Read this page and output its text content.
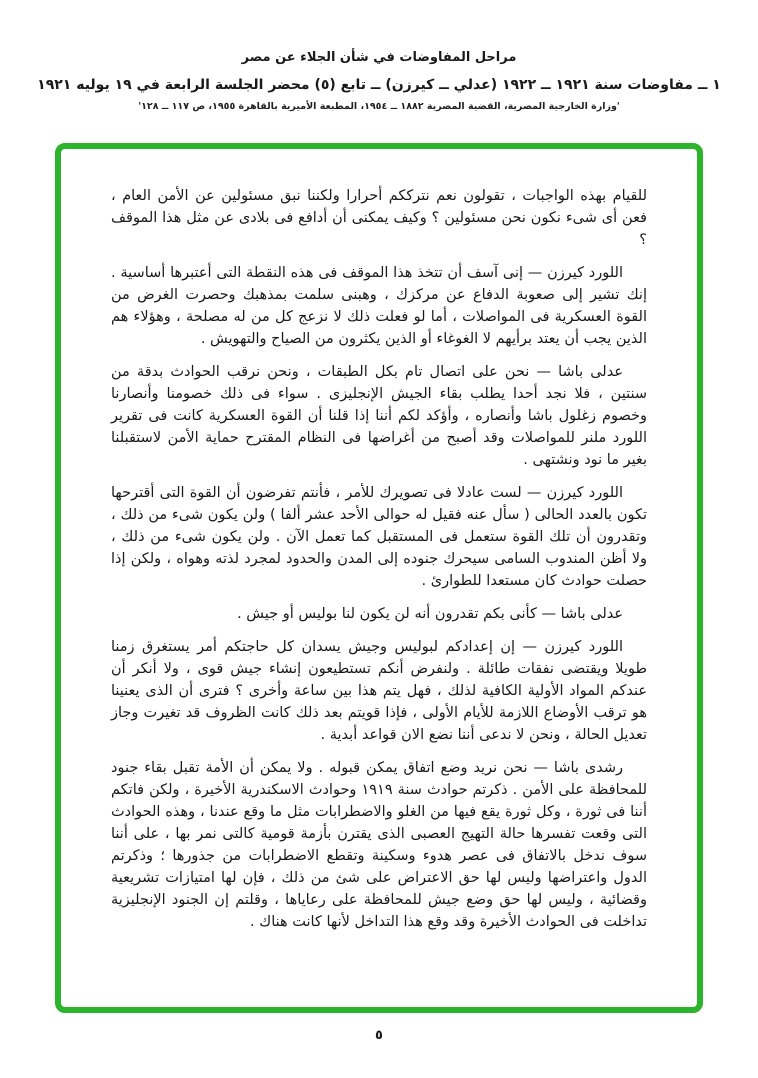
مراحل المفاوضات في شأن الجلاء عن مصر
١ ــ مفاوضات سنة ١٩٢١ ــ ١٩٢٢ (عدلي ــ كيرزن) ــ تابع (٥) محضر الجلسة الرابعة في ١٩ يوليه ١٩٢١
'وزارة الخارجية المصرية، القضية المصرية ١٨٨٢ ــ ١٩٥٤، المطبعة الأميرية بالقاهرة ١٩٥٥، ص ١١٧ ــ ١٢٨'

للقيام بهذه الواجبات ، تقولون نعم نترككم أحرارا ولكننا نبق مسئولين عن الأمن العام ، فعن أى شىء نكون نحن مسئولين ؟ وكيف يمكنى أن أدافع فى بلادى عن مثل هذا الموقف ؟

اللورد كيرزن — إنى آسف أن تتخذ هذا الموقف فى هذه النقطة التى أعتبرها أساسية . إنك تشير إلى صعوبة الدفاع عن مركزك ، وهبنى سلمت بمذهبك وحصرت الغرض من القوة العسكرية فى المواصلات ، أما لو فعلت ذلك لا نزعج كل من له مصلحة ، وهؤلاء هم الذين يجب أن يعتد برأيهم لا الغوغاء أو الذين يكثرون من الصياح والتهويش .

عدلى باشا — نحن على اتصال تام بكل الطبقات ، ونحن نرقب الحوادث بدقة من سنتين ، فلا نجد أحدا يطلب بقاء الجيش الإنجليزى . سواء فى ذلك خصومنا وأنصارنا وخصوم زغلول باشا وأنصاره ، وأؤكد لكم أننا إذا قلنا أن القوة العسكرية كانت فى تقرير اللورد ملنر للمواصلات وقد أصبح من أغراضها فى النظام المقترح حماية الأمن لاستقبلنا بغير ما نود ونشتهى .

اللورد كيرزن — لست عادلا فى تصويرك للأمر ، فأنتم تفرضون أن القوة التى أقترحها تكون بالعدد الحالى ( سأل عنه فقيل له حوالى الأحد عشر ألفا ) ولن يكون شىء من ذلك ، وتقدرون أن تلك القوة ستعمل فى المستقبل كما تعمل الآن . ولن يكون شىء من ذلك ، ولا أظن المندوب السامى سيحرك جنوده إلى المدن والحدود لمجرد لذته وهواه ، ولكن إذا حصلت حوادث كان مستعدا للطوارئ .

عدلى باشا — كأنى بكم تقدرون أنه لن يكون لنا بوليس أو جيش .

اللورد كيرزن — إن إعدادكم لبوليس وجيش يسدان كل حاجتكم أمر يستغرق زمنا طويلا ويقتضى نفقات طائلة . ولنفرض أنكم تستطيعون إنشاء جيش قوى ، ولا أنكر أن عندكم المواد الأولية الكافية لذلك ، فهل يتم هذا بين ساعة وأخرى ؟ فترى أن الذى يعنينا هو ترقب الأوضاع اللازمة للأيام الأولى ، فإذا قويتم بعد ذلك كانت الظروف قد تغيرت وجاز تعديل الحالة ، ونحن لا ندعى أننا نضع الان قواعد أبدية .

رشدى باشا — نحن نريد وضع اتفاق يمكن قبوله . ولا يمكن أن الأمة تقبل بقاء جنود للمحافظة على الأمن . ذكرتم حوادث سنة ١٩١٩ وحوادث الاسكندرية الأخيرة ، ولكن فاتكم أننا فى ثورة ، وكل ثورة يقع فيها من الغلو والاضطرابات مثل ما وقع عندنا ، وهذه الحوادث التى وقعت تفسرها حالة التهيج العصبى الذى يقترن بأزمة قومية كالتى نمر بها ، على أننا سوف ندخل بالاتفاق فى عصر هدوء وسكينة وتقطع الاضطرابات من جذورها ؛ وذكرتم الدول واعتراضها وليس لها حق الاعتراض على شئ من ذلك ، فإن لها امتيازات تشريعية وقضائية ، وليس لها حق وضع جيش للمحافظة على رعاياها ، وقلتم إن الجنود الإنجليزية تداخلت فى الحوادث الأخيرة وقد وقع هذا التداخل لأنها كانت هناك .

٥
